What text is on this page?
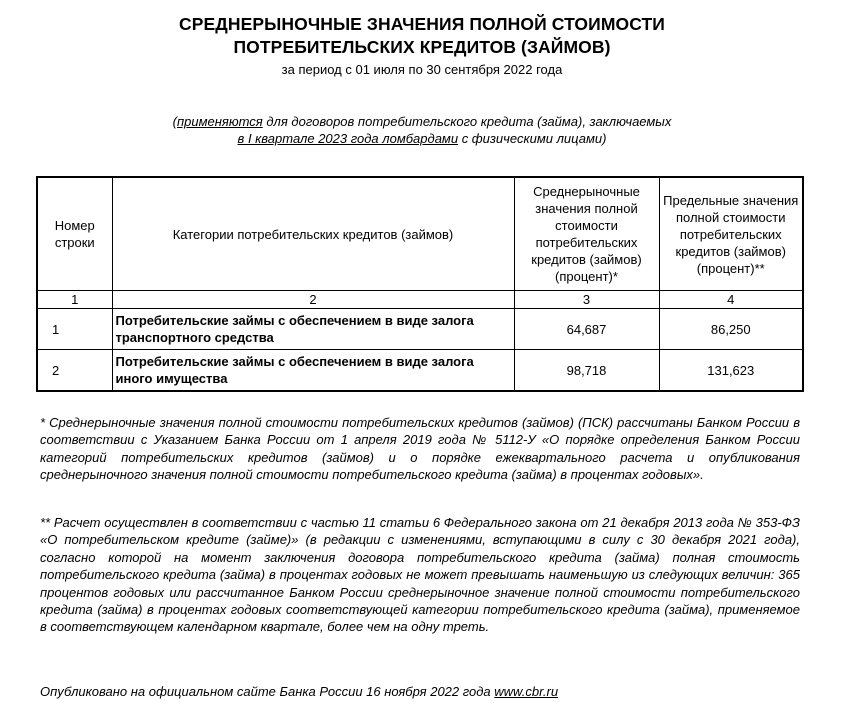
СРЕДНЕРЫНОЧНЫЕ ЗНАЧЕНИЯ ПОЛНОЙ СТОИМОСТИ
ПОТРЕБИТЕЛЬСКИХ КРЕДИТОВ (ЗАЙМОВ)
за период с 01 июля по 30 сентября 2022 года
(применяются для договоров потребительского кредита (займа), заключаемых
в I квартале 2023 года ломбардами с физическими лицами)
Номер строки	Категории потребительских кредитов (займов)	Среднерыночные значения полной стоимости потребительских кредитов (займов) (процент)*	Предельные значения полной стоимости потребительских кредитов (займов) (процент)**
1	2	3	4
1	Потребительские займы с обеспечением в виде залога транспортного средства	64,687	86,250
2	Потребительские займы с обеспечением в виде залога иного имущества	98,718	131,623
* Среднерыночные значения полной стоимости потребительских кредитов (займов) (ПСК) рассчитаны Банком России в соответствии с Указанием Банка России от 1 апреля 2019 года № 5112-У «О порядке определения Банком России категорий потребительских кредитов (займов) и о порядке ежеквартального расчета и опубликования среднерыночного значения полной стоимости потребительского кредита (займа) в процентах годовых».
** Расчет осуществлен в соответствии с частью 11 статьи 6 Федерального закона от 21 декабря 2013 года № 353-ФЗ «О потребительском кредите (займе)» (в редакции с изменениями, вступающими в силу с 30 декабря 2021 года), согласно которой на момент заключения договора потребительского кредита (займа) полная стоимость потребительского кредита (займа) в процентах годовых не может превышать наименьшую из следующих величин: 365 процентов годовых или рассчитанное Банком России среднерыночное значение полной стоимости потребительского кредита (займа) в процентах годовых соответствующей категории потребительского кредита (займа), применяемое в соответствующем календарном квартале, более чем на одну треть.
Опубликовано на официальном сайте Банка России 16 ноября 2022 года www.cbr.ru
